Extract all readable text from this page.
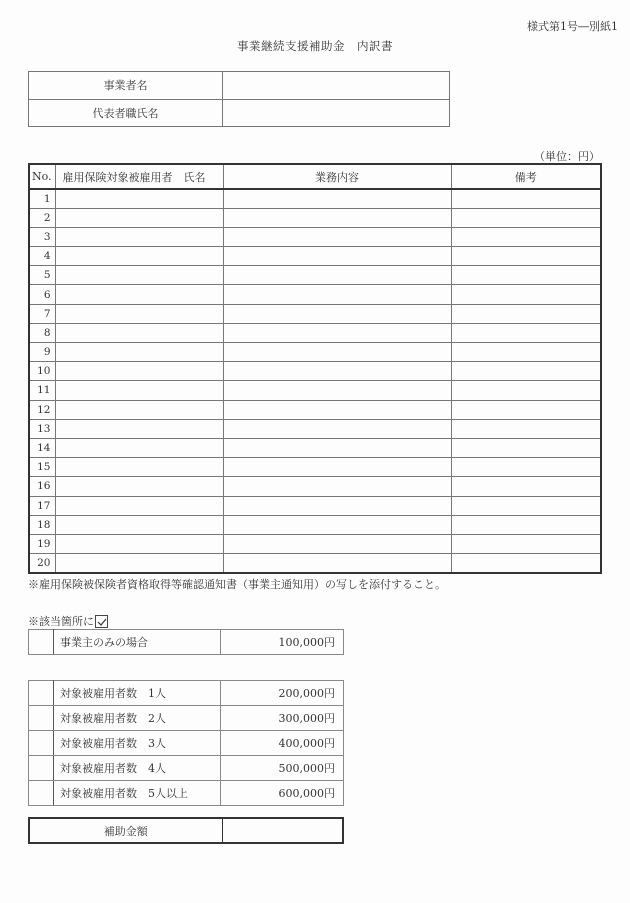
様式第1号―別紙1
事業継続支援補助金　内訳書
事業者名	
代表者職氏名	
（単位：円）
No.	雇用保険対象被雇用者　氏名	業務内容	備考
1			
2			
3			
4			
5			
6			
7			
8			
9			
10			
11			
12			
13			
14			
15			
16			
17			
18			
19			
20			
※雇用保険被保険者資格取得等確認通知書（事業主通知用）の写しを添付すること。
※該当箇所に
	事業主のみの場合	100,000円
	対象被雇用者数　1人	200,000円
	対象被雇用者数　2人	300,000円
	対象被雇用者数　3人	400,000円
	対象被雇用者数　4人	500,000円
	対象被雇用者数　5人以上	600,000円
補助金額	
